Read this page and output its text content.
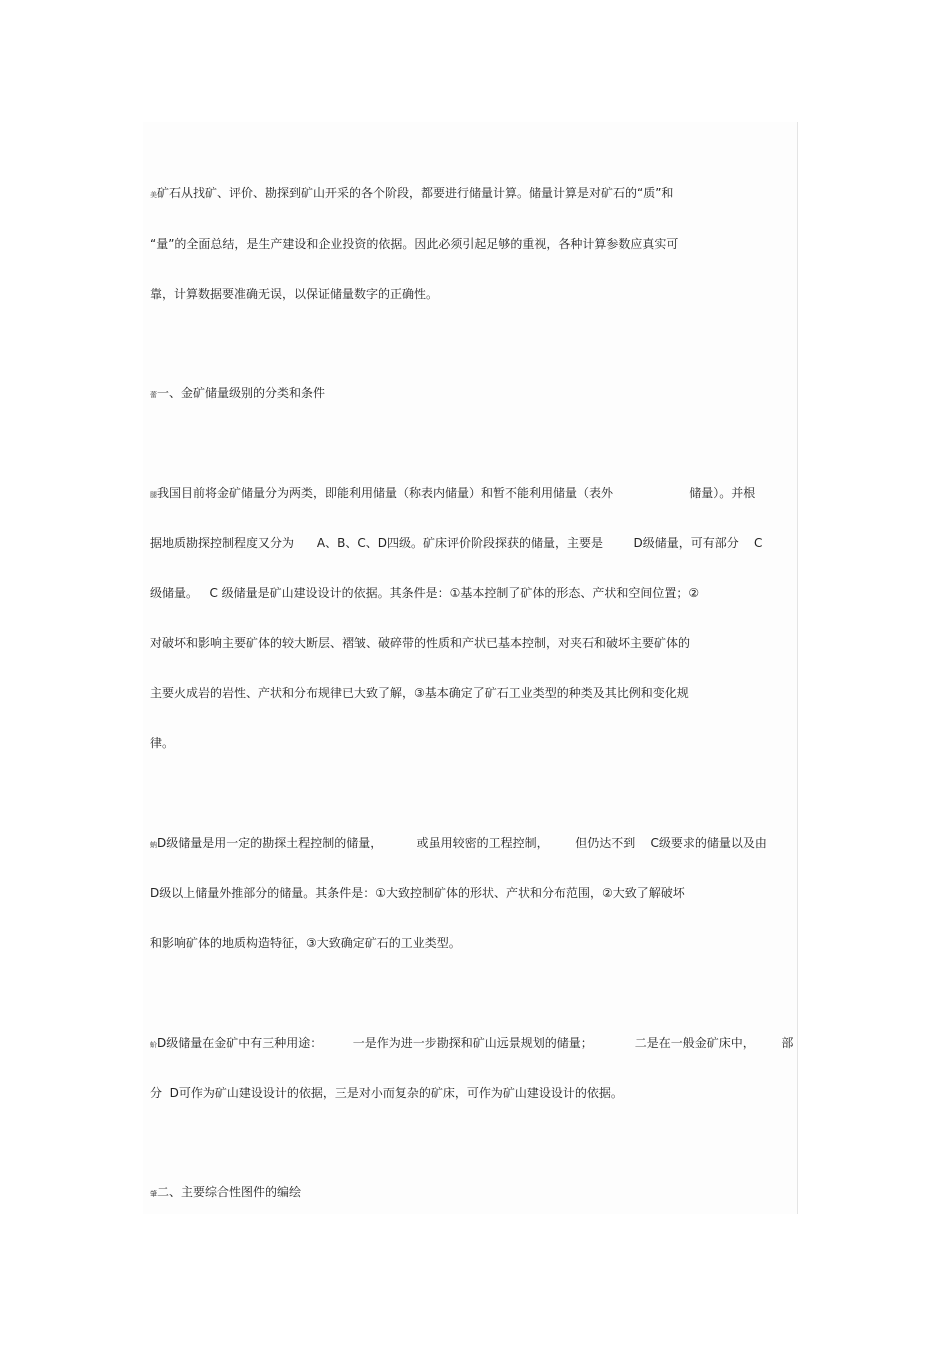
美矿石从找矿、评价、勘探到矿山开采的各个阶段，都要进行储量计算。储量计算是对矿石的“质”和
“量”的全面总结，是生产建设和企业投资的依据。因此必须引起足够的重视，各种计算参数应真实可
靠，计算数据要准确无误，以保证储量数字的正确性。
蕾一、金矿储量级别的分类和条件
腿我国目前将金矿储量分为两类，即能利用储量（称表内储量）和暂不能利用储量（表外                    储量）。并根
据地质勘探控制程度又分为      A、B、C、D四级。矿床评价阶段探获的储量，主要是        D级储量，可有部分    C
级储量。   C 级储量是矿山建设设计的依据。其条件是：①基本控制了矿体的形态、产状和空间位置；②
对破坏和影响主要矿体的较大断层、褶皱、破碎带的性质和产状已基本控制，对夹石和破坏主要矿体的
主要火成岩的岩性、产状和分布规律已大致了解，③基本确定了矿石工业类型的种类及其比例和变化规
律。
蚋D级储量是用一定的勘探土程控制的储量，         或虽用较密的工程控制，       但仍达不到    C级要求的储量以及由
D级以上储量外推部分的储量。其条件是：①大致控制矿体的形状、产状和分布范围，②大致了解破坏
和影响矿体的地质构造特征，③大致确定矿石的工业类型。
蚧D级储量在金矿中有三种用途：        一是作为进一步勘探和矿山远景规划的储量；           二是在一般金矿床中，       部
分  D可作为矿山建设设计的依据，三是对小而复杂的矿床，可作为矿山建设设计的依据。
肇二、主要综合性图件的编绘
